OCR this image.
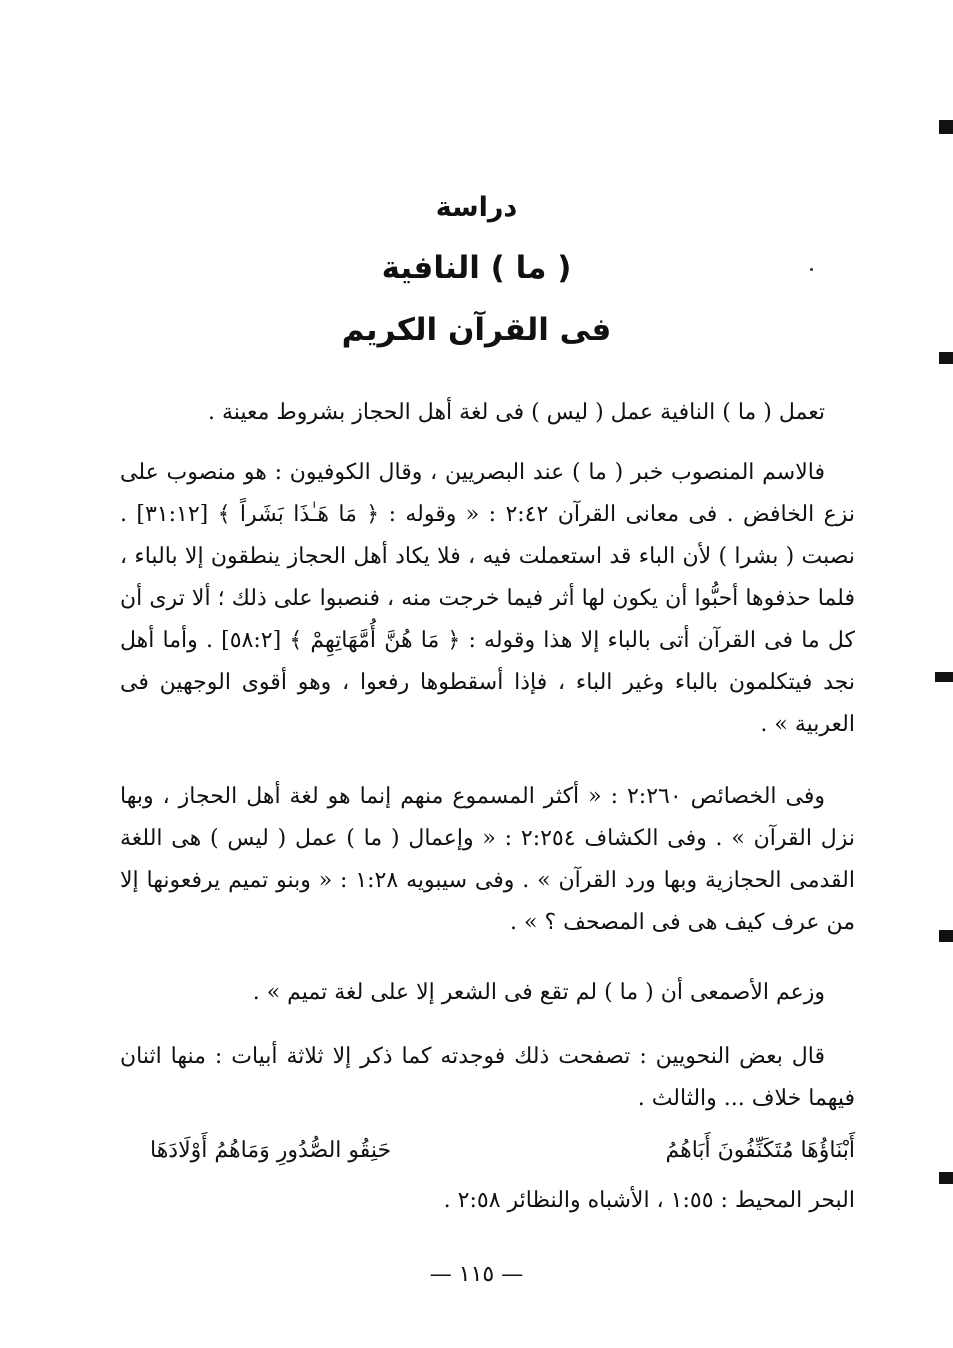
دراسة
( ما ) النافية
فى القرآن الكريم
تعمل ( ما ) النافية عمل ( ليس ) فى لغة أهل الحجاز بشروط معينة .
فالاسم المنصوب خبر ( ما ) عند البصريين ، وقال الكوفيون : هو منصوب على نزع الخافض . فى معانى القرآن ٢:٤٢ : « وقوله : ﴿ مَا هَـٰذَا بَشَراً ﴾ [٣١:١٢] . نصبت ( بشرا ) لأن الباء قد استعملت فيه ، فلا يكاد أهل الحجاز ينطقون إلا بالباء ، فلما حذفوها أحبُّوا أن يكون لها أثر فيما خرجت منه ، فنصبوا على ذلك ؛ ألا ترى أن كل ما فى القرآن أتى بالباء إلا هذا وقوله : ﴿ مَا هُنَّ أُمَّهَاتِهِمْ ﴾ [٥٨:٢] . وأما أهل نجد فيتكلمون بالباء وغير الباء ، فإذا أسقطوها رفعوا ، وهو أقوى الوجهين فى العربية » .
وفى الخصائص ٢:٢٦٠ : « أكثر المسموع منهم إنما هو لغة أهل الحجاز ، وبها نزل القرآن » . وفى الكشاف ٢:٢٥٤ : « وإعمال ( ما ) عمل ( ليس ) هى اللغة القدمى الحجازية وبها ورد القرآن » . وفى سيبويه ١:٢٨ : « وبنو تميم يرفعونها إلا من عرف كيف هى فى المصحف ؟ » .
وزعم الأصمعى أن ( ما ) لم تقع فى الشعر إلا على لغة تميم » .
قال بعض النحويين : تصفحت ذلك فوجدته كما ذكر إلا ثلاثة أبيات : منها اثنان فيهما خلاف ... والثالث .
أَبْنَاؤُهَا مُتَكَنِّفُونَ أَبَاهُمُ
حَنِقُو الصُّدُورِ وَمَاهُمُ أَوْلَادَهَا
البحر المحيط : ١:٥٥ ، الأشباه والنظائر ٢:٥٨ .
— ١١٥ —
